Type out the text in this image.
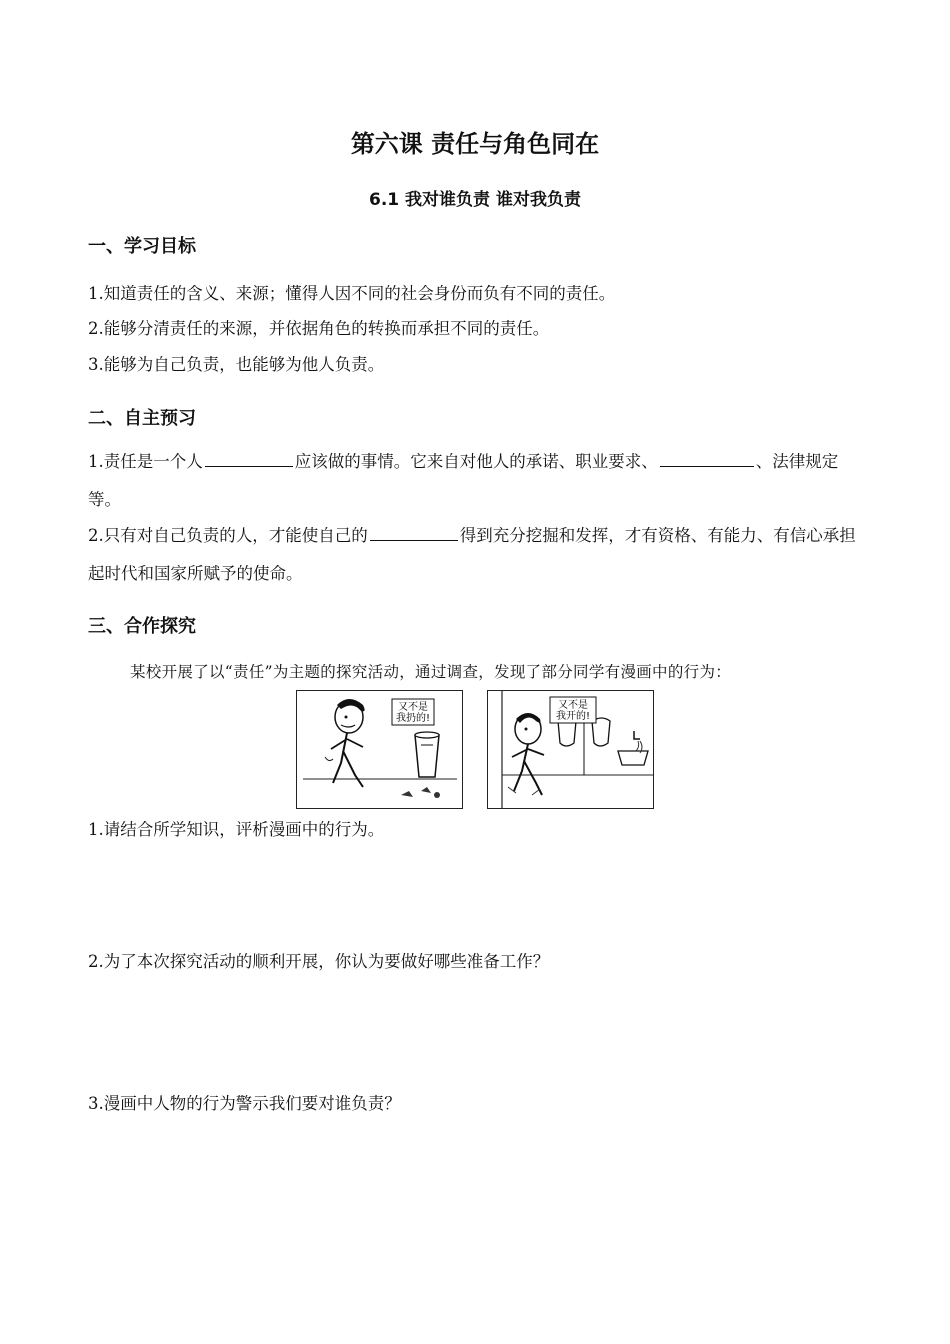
第六课 责任与角色同在
6.1 我对谁负责 谁对我负责
一、学习目标
1.知道责任的含义、来源；懂得人因不同的社会身份而负有不同的责任。
2.能够分清责任的来源，并依据角色的转换而承担不同的责任。
3.能够为自己负责，也能够为他人负责。
二、自主预习
1.责任是一个人	应该做的事情。它来自对他人的承诺、职业要求、	、法律规定等。
2.只有对自己负责的人，才能使自己的	得到充分挖掘和发挥，才有资格、有能力、有信心承担起时代和国家所赋予的使命。
三、合作探究
某校开展了以“责任”为主题的探究活动，通过调查，发现了部分同学有漫画中的行为：
又不是
我扔的!
又不是
我开的!
1.请结合所学知识，评析漫画中的行为。
2.为了本次探究活动的顺利开展，你认为要做好哪些准备工作？
3.漫画中人物的行为警示我们要对谁负责？
